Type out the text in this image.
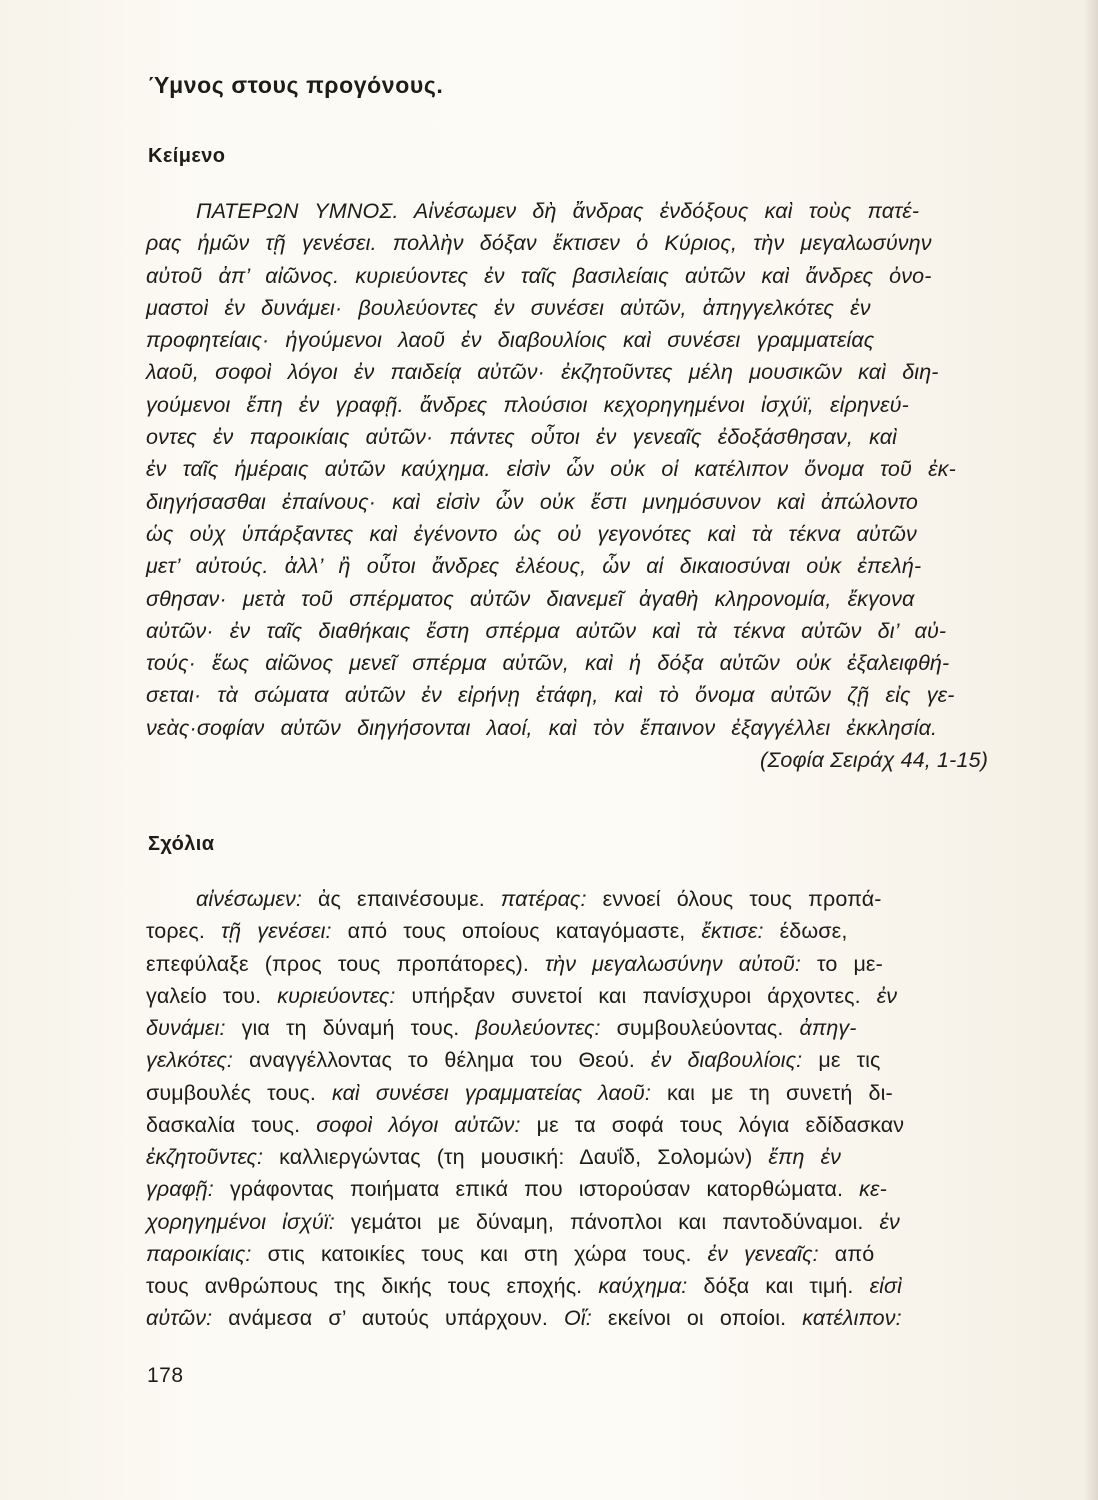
Ύμνος στους προγόνους.
Κείμενο
ΠΑΤΕΡΩΝ ΥΜΝΟΣ. Αἰνέσωμεν δὴ ἄνδρας ἐνδόξους καὶ τοὺς πατέ-
ρας ἡμῶν τῇ γενέσει. πολλὴν δόξαν ἔκτισεν ὁ Κύριος, τὴν μεγαλωσύνην
αὐτοῦ ἀπ’ αἰῶνος. κυριεύοντες ἐν ταῖς βασιλείαις αὐτῶν καὶ ἄνδρες ὀνο-
μαστοὶ ἐν δυνάμει· βουλεύοντες ἐν συνέσει αὐτῶν, ἀπηγγελκότες ἐν
προφητείαις· ἡγούμενοι λαοῦ ἐν διαβουλίοις καὶ συνέσει γραμματείας
λαοῦ, σοφοὶ λόγοι ἐν παιδείᾳ αὐτῶν· ἐκζητοῦντες μέλη μουσικῶν καὶ διη-
γούμενοι ἔπη ἐν γραφῇ. ἄνδρες πλούσιοι κεχορηγημένοι ἰσχύϊ, εἰρηνεύ-
οντες ἐν παροικίαις αὐτῶν· πάντες οὗτοι ἐν γενεαῖς ἐδοξάσθησαν, καὶ
ἐν ταῖς ἡμέραις αὐτῶν καύχημα. εἰσὶν ὧν οὐκ οἱ κατέλιπον ὄνομα τοῦ ἐκ-
διηγήσασθαι ἐπαίνους· καὶ εἰσὶν ὧν οὐκ ἔστι μνημόσυνον καὶ ἀπώλοντο
ὡς οὐχ ὑπάρξαντες καὶ ἐγένοντο ὡς οὐ γεγονότες καὶ τὰ τέκνα αὐτῶν
μετ’ αὐτούς. ἀλλ’ ἢ οὗτοι ἄνδρες ἐλέους, ὧν αἱ δικαιοσύναι οὐκ ἐπελή-
σθησαν· μετὰ τοῦ σπέρματος αὐτῶν διανεμεῖ ἀγαθὴ κληρονομία, ἔκγονα
αὐτῶν· ἐν ταῖς διαθήκαις ἔστη σπέρμα αὐτῶν καὶ τὰ τέκνα αὐτῶν δι’ αὐ-
τούς· ἕως αἰῶνος μενεῖ σπέρμα αὐτῶν, καὶ ἡ δόξα αὐτῶν οὐκ ἐξαλειφθή-
σεται· τὰ σώματα αὐτῶν ἐν εἰρήνῃ ἐτάφη, καὶ τὸ ὄνομα αὐτῶν ζῇ εἰς γε-
νεὰς·σοφίαν αὐτῶν διηγήσονται λαοί, καὶ τὸν ἔπαινον ἐξαγγέλλει ἐκκλησία.
(Σοφία Σειράχ 44, 1-15)
Σχόλια
αἰνέσωμεν: ἀς επαινέσουμε. πατέρας: εννοεί όλους τους προπά-
τορες. τῇ γενέσει: από τους οποίους καταγόμαστε, ἔκτισε: έδωσε,
επεφύλαξε (προς τους προπάτορες). τὴν μεγαλωσύνην αὐτοῦ: το με-
γαλείο του. κυριεύοντες: υπήρξαν συνετοί και πανίσχυροι άρχοντες. ἐν
δυνάμει: για τη δύναμή τους. βουλεύοντες: συμβουλεύοντας. ἀπηγ-
γελκότες: αναγγέλλοντας το θέλημα του Θεού. ἐν διαβουλίοις: με τις
συμβουλές τους. καὶ συνέσει γραμματείας λαοῦ: και με τη συνετή δι-
δασκαλία τους. σοφοὶ λόγοι αὐτῶν: με τα σοφά τους λόγια εδίδασκαν
ἐκζητοῦντες: καλλιεργώντας (τη μουσική: Δαυΐδ, Σολομών) ἔπη ἐν
γραφῇ: γράφοντας ποιήματα επικά που ιστορούσαν κατορθώματα. κε-
χορηγημένοι ἰσχύϊ: γεμάτοι με δύναμη, πάνοπλοι και παντοδύναμοι. ἐν
παροικίαις: στις κατοικίες τους και στη χώρα τους. ἐν γενεαῖς: από
τους ανθρώπους της δικής τους εποχής. καύχημα: δόξα και τιμή. εἰσὶ
αὐτῶν: ανάμεσα σ’ αυτούς υπάρχουν. Οἵ: εκείνοι οι οποίοι. κατέλιπον:
178
